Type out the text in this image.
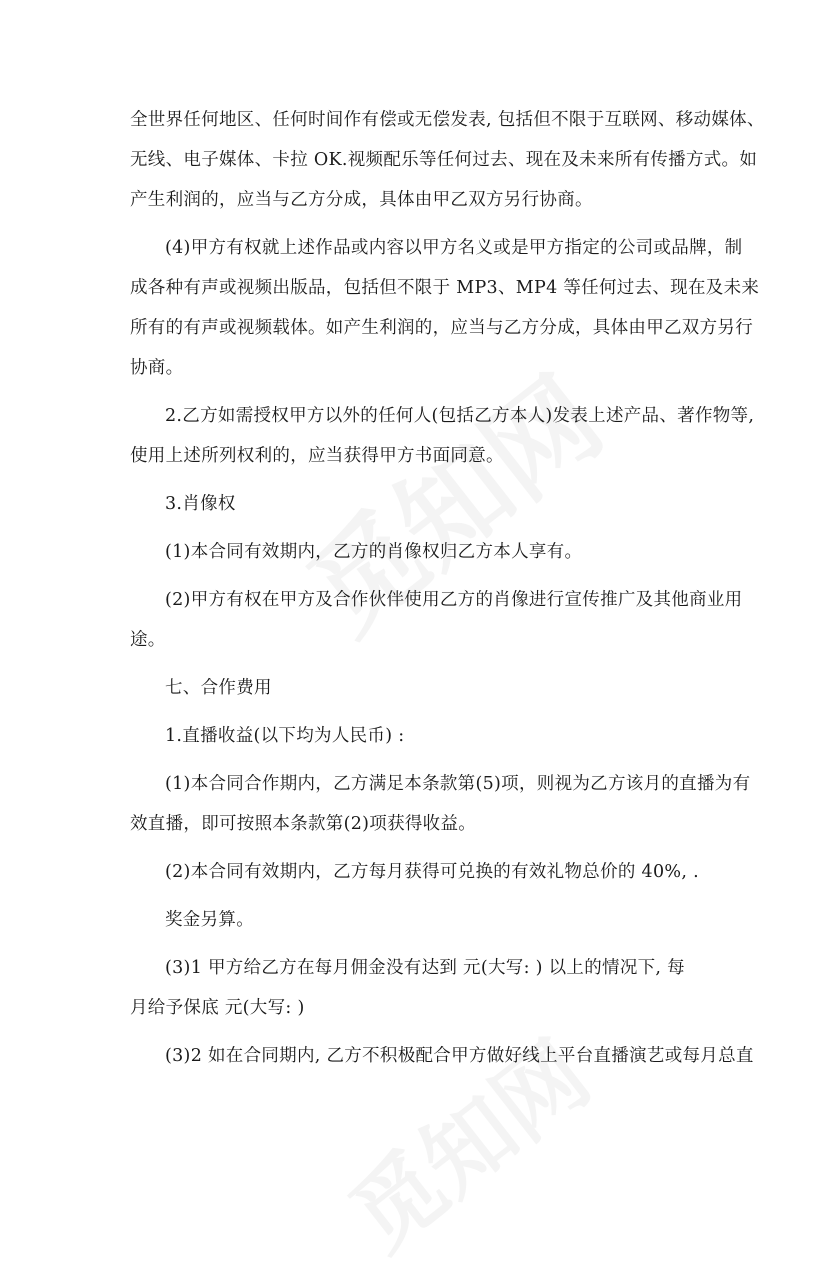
全世界任何地区、任何时间作有偿或无偿发表, 包括但不限于互联网、移动媒体、
无线、电子媒体、卡拉 OK.视频配乐等任何过去、现在及未来所有传播方式。如
产生利润的，应当与乙方分成，具体由甲乙双方另行协商。
(4)甲方有权就上述作品或内容以甲方名义或是甲方指定的公司或品牌，制
成各种有声或视频出版品，包括但不限于 MP3、MP4 等任何过去、现在及未来
所有的有声或视频载体。如产生利润的，应当与乙方分成，具体由甲乙双方另行
协商。
2.乙方如需授权甲方以外的任何人(包括乙方本人)发表上述产品、著作物等,
使用上述所列权利的，应当获得甲方书面同意。
3.肖像权
(1)本合同有效期内，乙方的肖像权归乙方本人享有。
(2)甲方有权在甲方及合作伙伴使用乙方的肖像进行宣传推广及其他商业用
途。
七、合作费用
1.直播收益(以下均为人民币) :
(1)本合同合作期内，乙方满足本条款第(5)项，则视为乙方该月的直播为有
效直播，即可按照本条款第(2)项获得收益。
(2)本合同有效期内，乙方每月获得可兑换的有效礼物总价的 40%, .
奖金另算。
(3)1 甲方给乙方在每月佣金没有达到 元(大写: ) 以上的情况下, 每
月给予保底 元(大写: )
(3)2 如在合同期内, 乙方不积极配合甲方做好线上平台直播演艺或每月总直
